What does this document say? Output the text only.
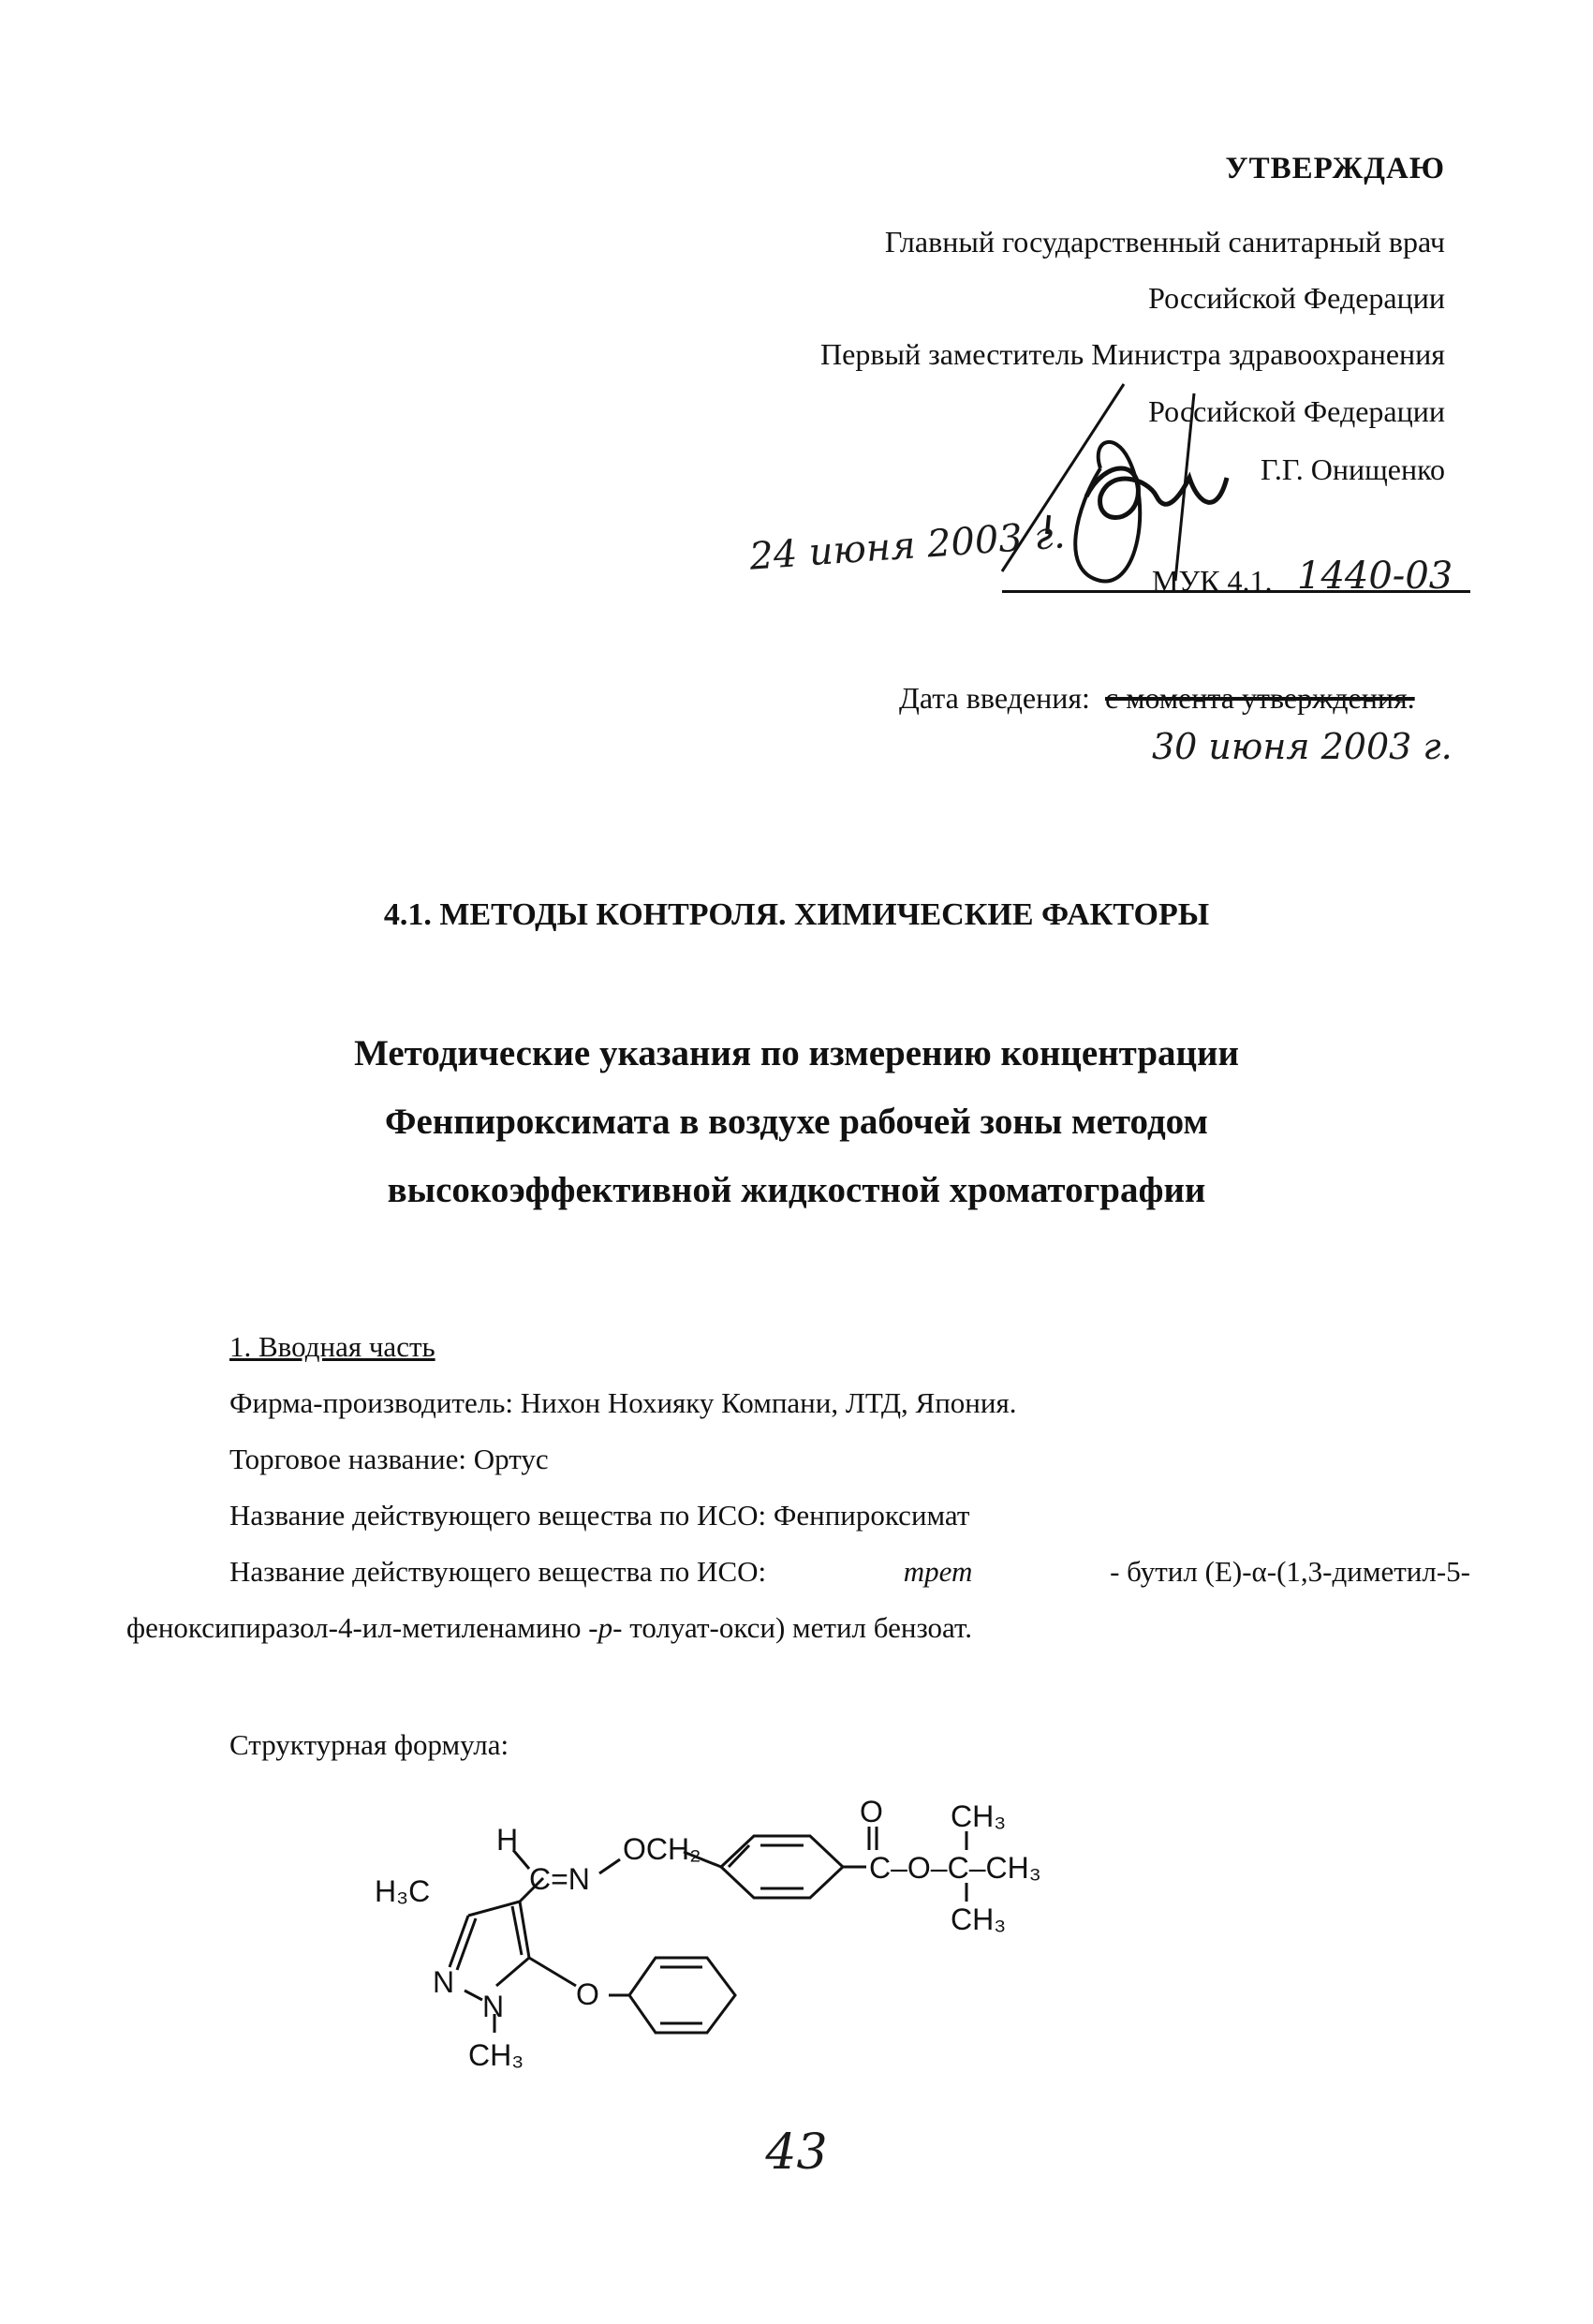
УТВЕРЖДАЮ
Главный государственный санитарный врач
Российской Федерации
Первый заместитель Министра здравоохранения
Российской Федерации
Г.Г. Онищенко
24 июня 2003 г.
МУК 4.1. 1440-03
Дата введения: с момента утверждения.
30 июня 2003 г.
4.1. МЕТОДЫ КОНТРОЛЯ. ХИМИЧЕСКИЕ ФАКТОРЫ
Методические указания по измерению концентрации
Фенпироксимата в воздухе рабочей зоны методом
высокоэффективной жидкостной хроматографии
1. Вводная часть
Фирма-производитель: Нихон Нохияку Компани, ЛТД, Япония.
Торговое название: Ортус
Название действующего вещества по ИСО: Фенпироксимат
Название действующего вещества по ИСО:	трет	- бутил (Е)-α-(1,3-диметил-5-
феноксипиразол-4-ил-метиленамино -р- толуат-окси) метил бензоат.
Структурная формула:
H₃C
H
C=N
OCH₂
O
C–O–C–CH₃
CH₃
CH₃
N
N O
CH₃
43
